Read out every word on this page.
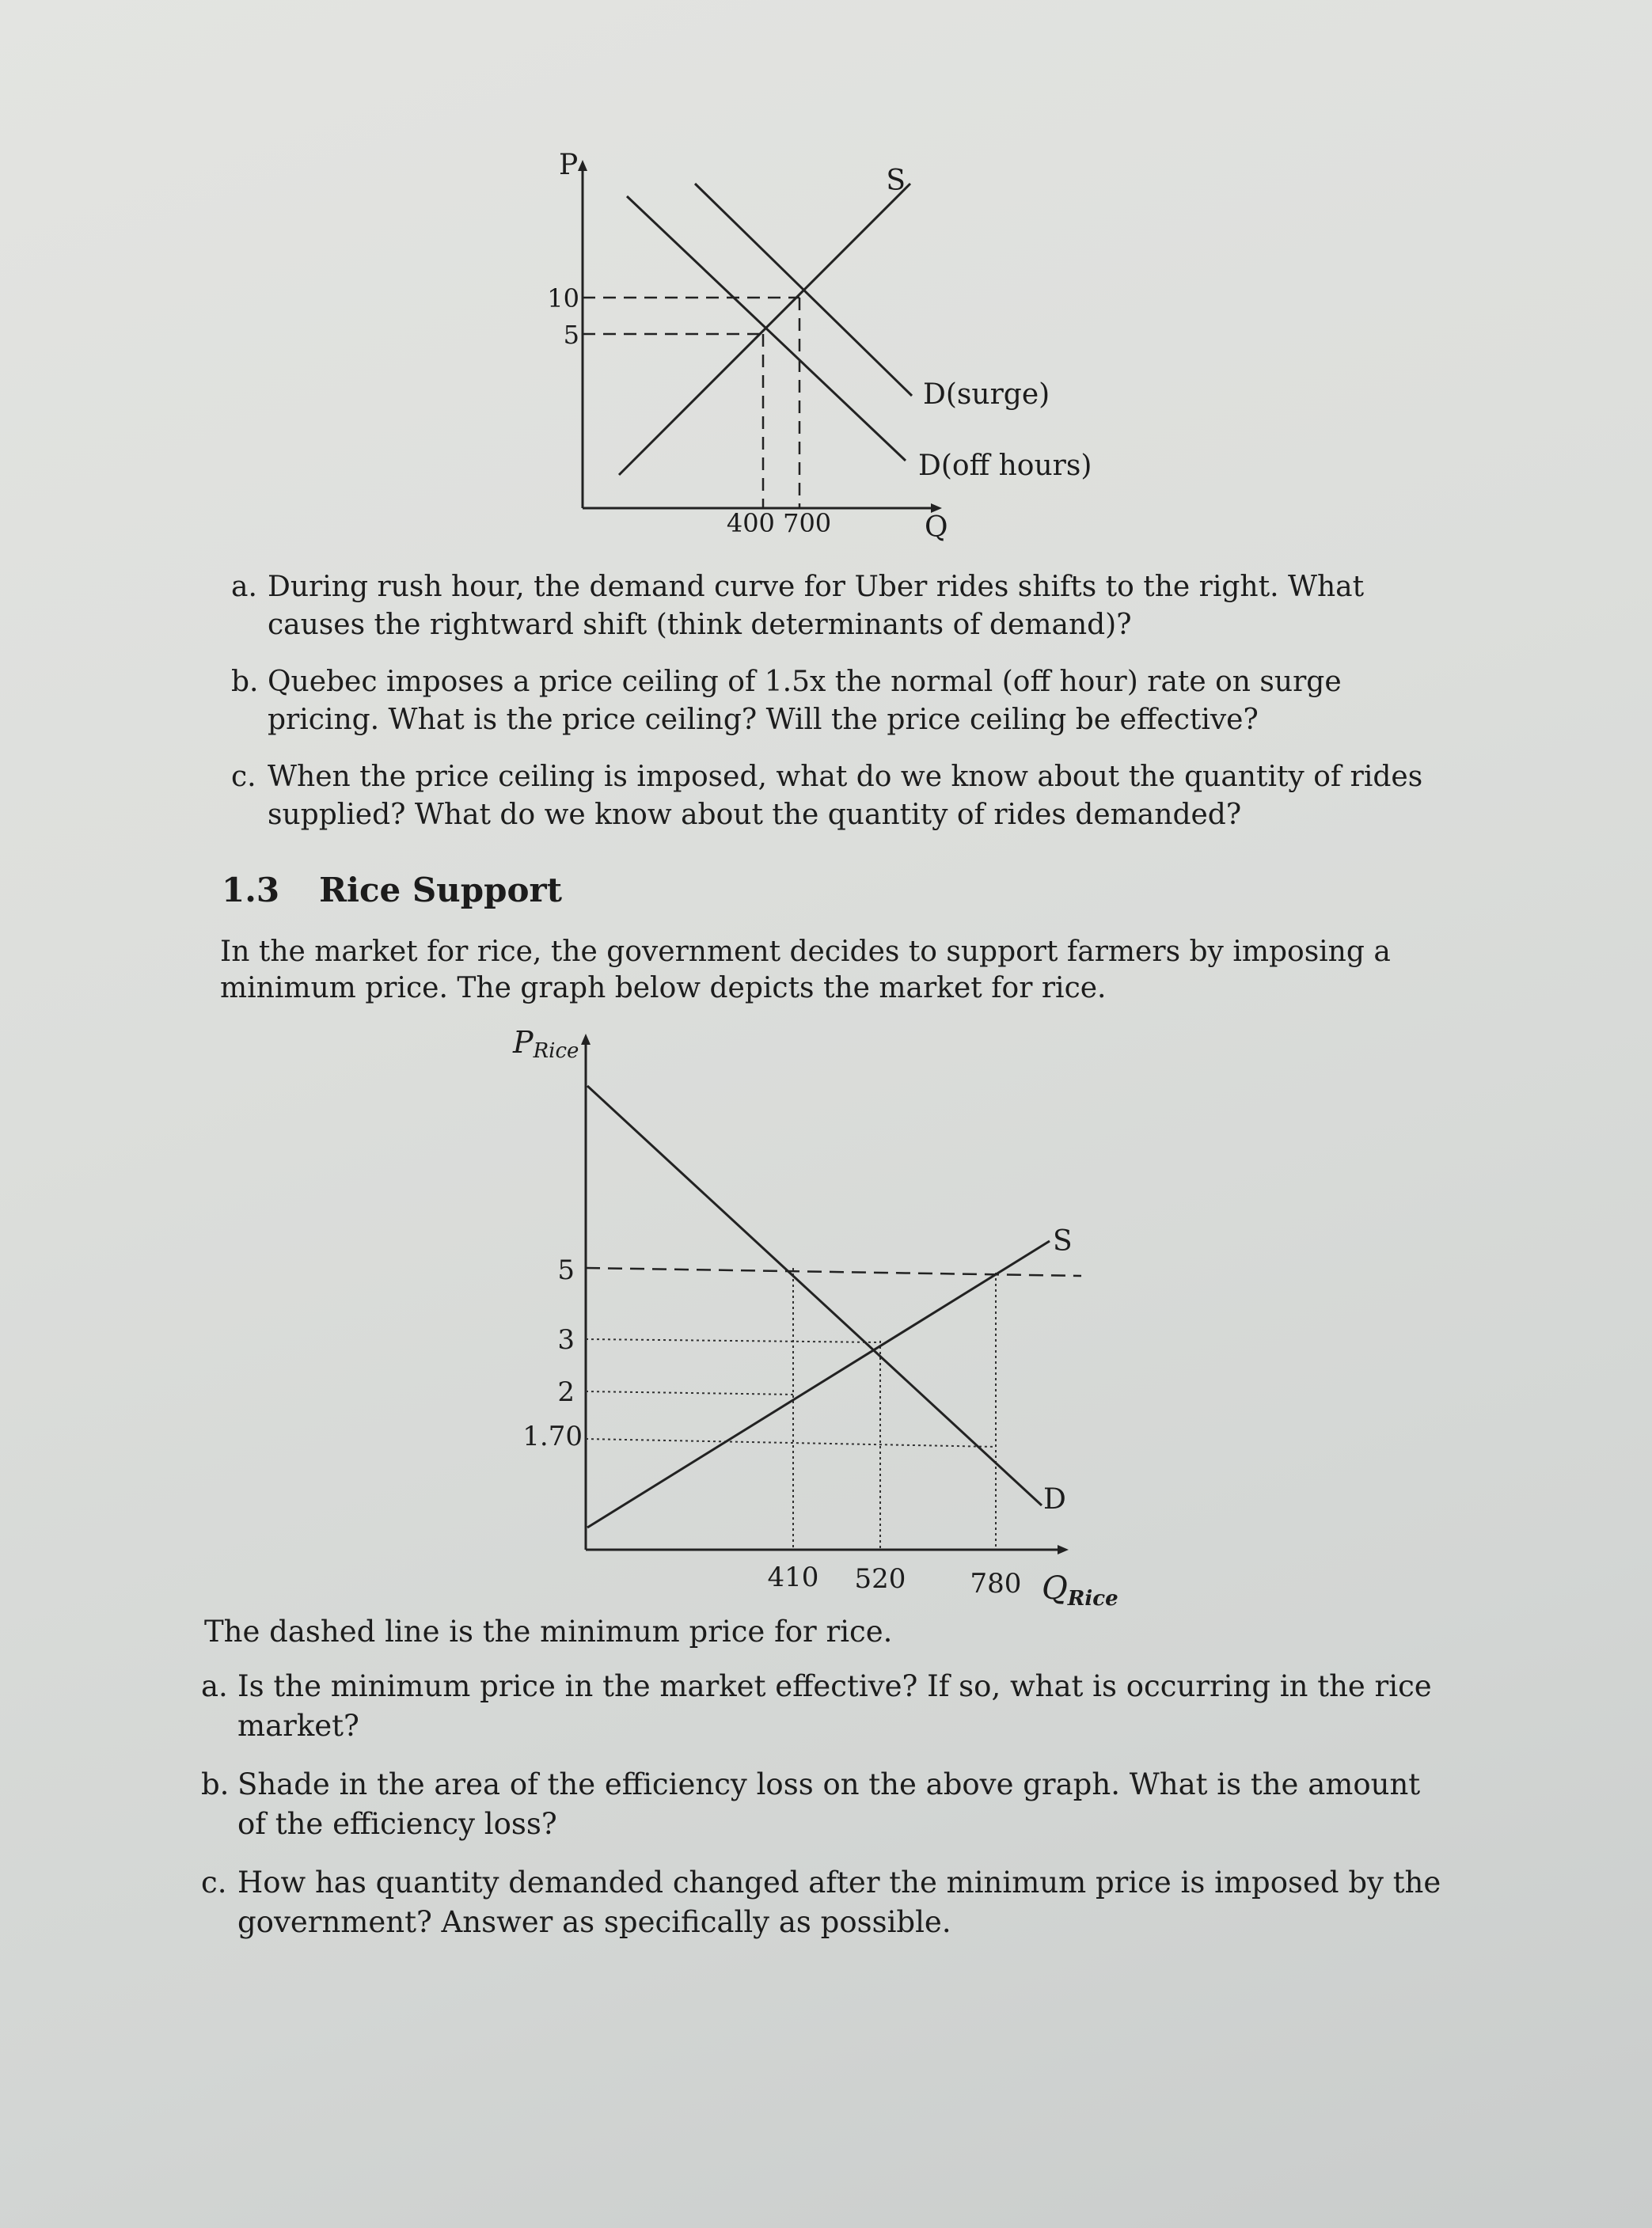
P
Q
10
5
400 700
S
D(surge)
D(off hours)
a. During rush hour, the demand curve for Uber rides shifts to the right. What causes the rightward shift (think determinants of demand)?
b. Quebec imposes a price ceiling of 1.5x the normal (off hour) rate on surge pricing. What is the price ceiling? Will the price ceiling be effective?
c. When the price ceiling is imposed, what do we know about the quantity of rides supplied? What do we know about the quantity of rides demanded?
1.3 Rice Support
In the market for rice, the government decides to support farmers by imposing a minimum price. The graph below depicts the market for rice.
PRice
QRice
5
3
2
1.70
410 520 780
S
D
The dashed line is the minimum price for rice.
a. Is the minimum price in the market effective? If so, what is occurring in the rice market?
b. Shade in the area of the efficiency loss on the above graph. What is the amount of the efficiency loss?
c. How has quantity demanded changed after the minimum price is imposed by the government? Answer as specifically as possible.
